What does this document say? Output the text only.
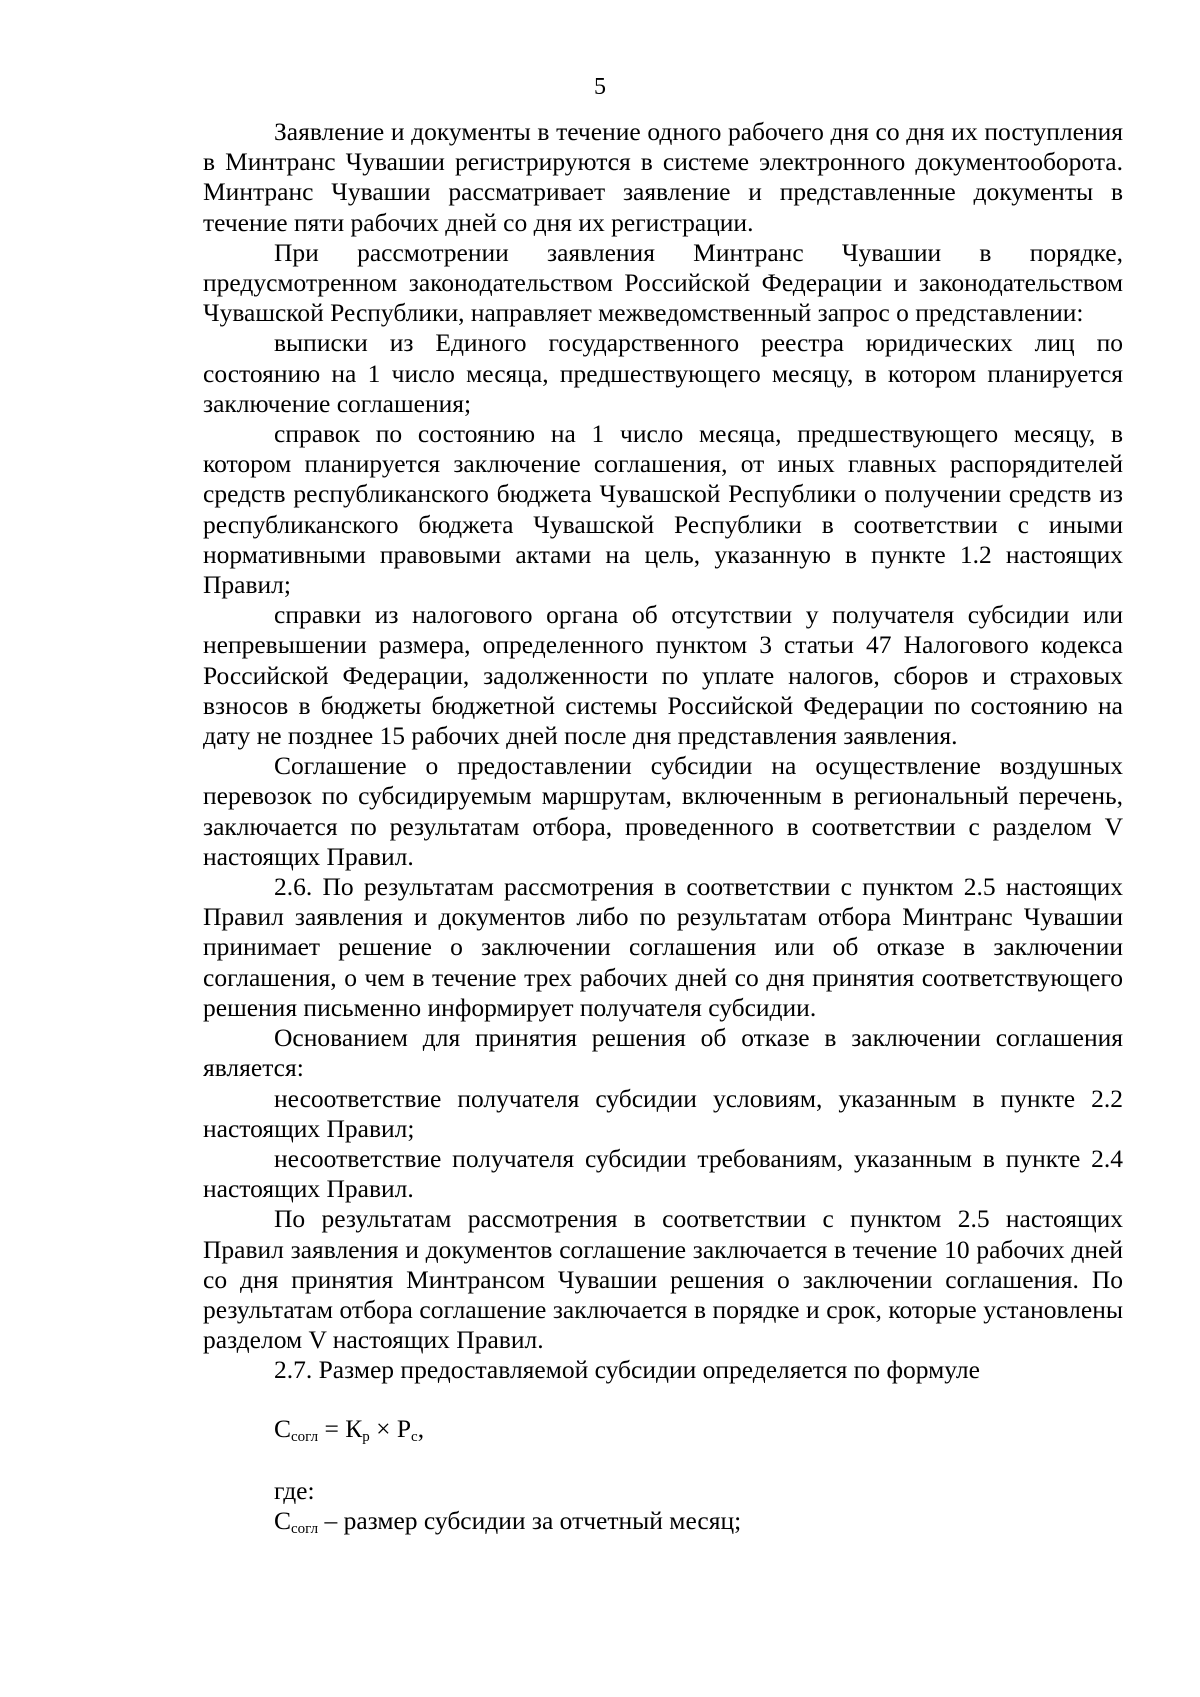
5

Заявление и документы в течение одного рабочего дня со дня их поступления в Минтранс Чувашии регистрируются в системе электронного документооборота. Минтранс Чувашии рассматривает заявление и представленные документы в течение пяти рабочих дней со дня их регистрации.

При рассмотрении заявления Минтранс Чувашии в порядке, предусмотренном законодательством Российской Федерации и законодательством Чувашской Республики, направляет межведомственный запрос о представлении:

выписки из Единого государственного реестра юридических лиц по состоянию на 1 число месяца, предшествующего месяцу, в котором планируется заключение соглашения;

справок по состоянию на 1 число месяца, предшествующего месяцу, в котором планируется заключение соглашения, от иных главных распорядителей средств республиканского бюджета Чувашской Республики о получении средств из республиканского бюджета Чувашской Республики в соответствии с иными нормативными правовыми актами на цель, указанную в пункте 1.2 настоящих Правил;

справки из налогового органа об отсутствии у получателя субсидии или непревышении размера, определенного пунктом 3 статьи 47 Налогового кодекса Российской Федерации, задолженности по уплате налогов, сборов и страховых взносов в бюджеты бюджетной системы Российской Федерации по состоянию на дату не позднее 15 рабочих дней после дня представления заявления.

Соглашение о предоставлении субсидии на осуществление воздушных перевозок по субсидируемым маршрутам, включенным в региональный перечень, заключается по результатам отбора, проведенного в соответствии с разделом V настоящих Правил.

2.6. По результатам рассмотрения в соответствии с пунктом 2.5 настоящих Правил заявления и документов либо по результатам отбора Минтранс Чувашии принимает решение о заключении соглашения или об отказе в заключении соглашения, о чем в течение трех рабочих дней со дня принятия соответствующего решения письменно информирует получателя субсидии.

Основанием для принятия решения об отказе в заключении соглашения является:

несоответствие получателя субсидии условиям, указанным в пункте 2.2 настоящих Правил;

несоответствие получателя субсидии требованиям, указанным в пункте 2.4 настоящих Правил.

По результатам рассмотрения в соответствии с пунктом 2.5 настоящих Правил заявления и документов соглашение заключается в течение 10 рабочих дней со дня принятия Минтрансом Чувашии решения о заключении соглашения. По результатам отбора соглашение заключается в порядке и срок, которые установлены разделом V настоящих Правил.

2.7. Размер предоставляемой субсидии определяется по формуле

$С_{согл} = К_р \times Р_с$,

где:

$С_{согл}$ – размер субсидии за отчетный месяц;
